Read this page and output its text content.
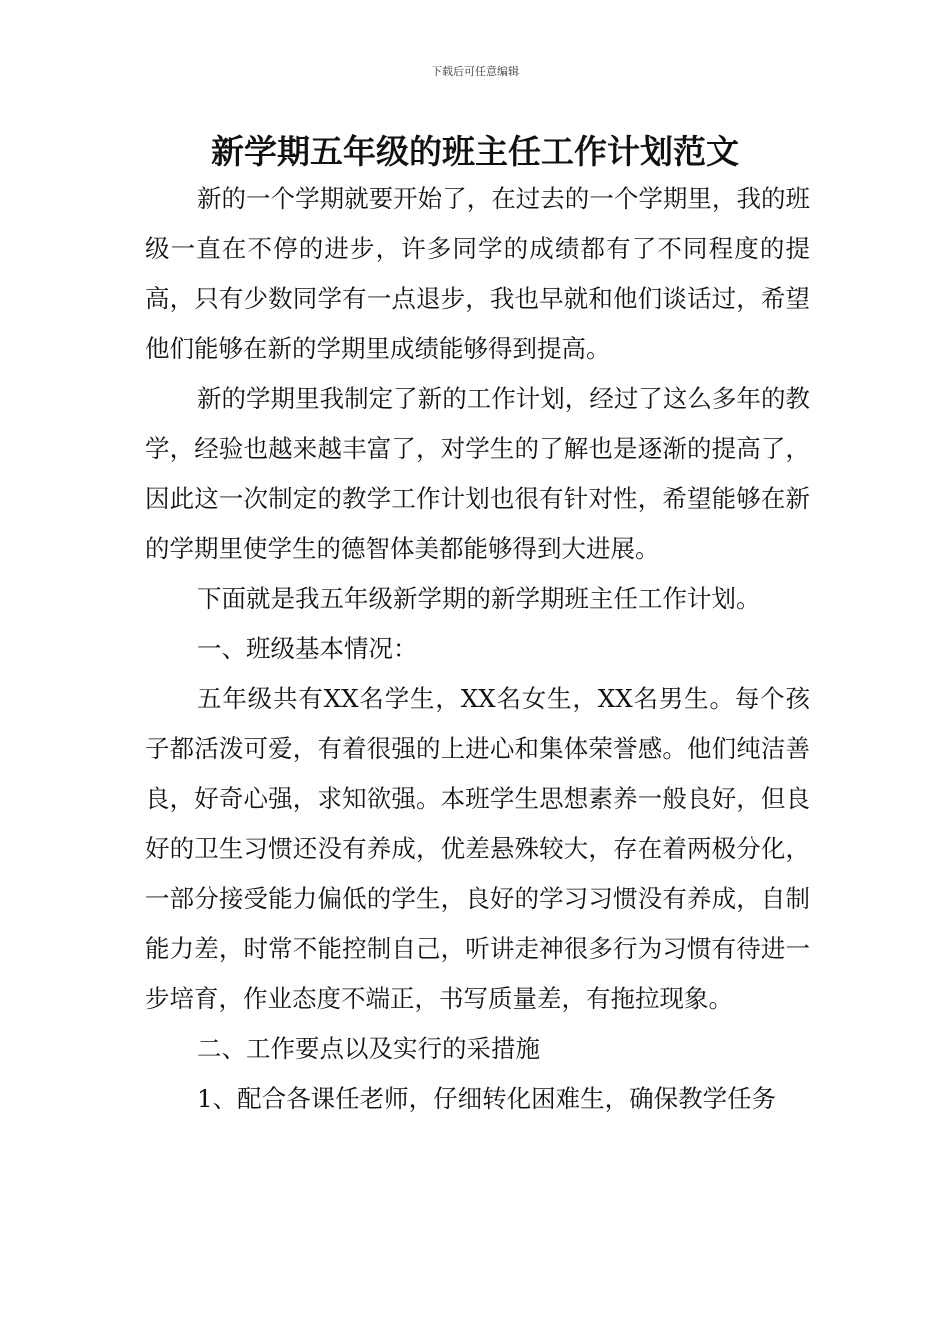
下载后可任意编辑
新学期五年级的班主任工作计划范文

新的一个学期就要开始了，在过去的一个学期里，我的班级一直在不停的进步，许多同学的成绩都有了不同程度的提高，只有少数同学有一点退步，我也早就和他们谈话过，希望他们能够在新的学期里成绩能够得到提高。

新的学期里我制定了新的工作计划，经过了这么多年的教学，经验也越来越丰富了，对学生的了解也是逐渐的提高了，因此这一次制定的教学工作计划也很有针对性，希望能够在新的学期里使学生的德智体美都能够得到大进展。

下面就是我五年级新学期的新学期班主任工作计划。

一、班级基本情况：

五年级共有XX名学生，XX名女生，XX名男生。每个孩子都活泼可爱，有着很强的上进心和集体荣誉感。他们纯洁善良，好奇心强，求知欲强。本班学生思想素养一般良好，但良好的卫生习惯还没有养成，优差悬殊较大，存在着两极分化，一部分接受能力偏低的学生，良好的学习习惯没有养成，自制能力差，时常不能控制自己，听讲走神很多行为习惯有待进一步培育，作业态度不端正，书写质量差，有拖拉现象。

二、工作要点以及实行的采措施

1、配合各课任老师，仔细转化困难生，确保教学任务
